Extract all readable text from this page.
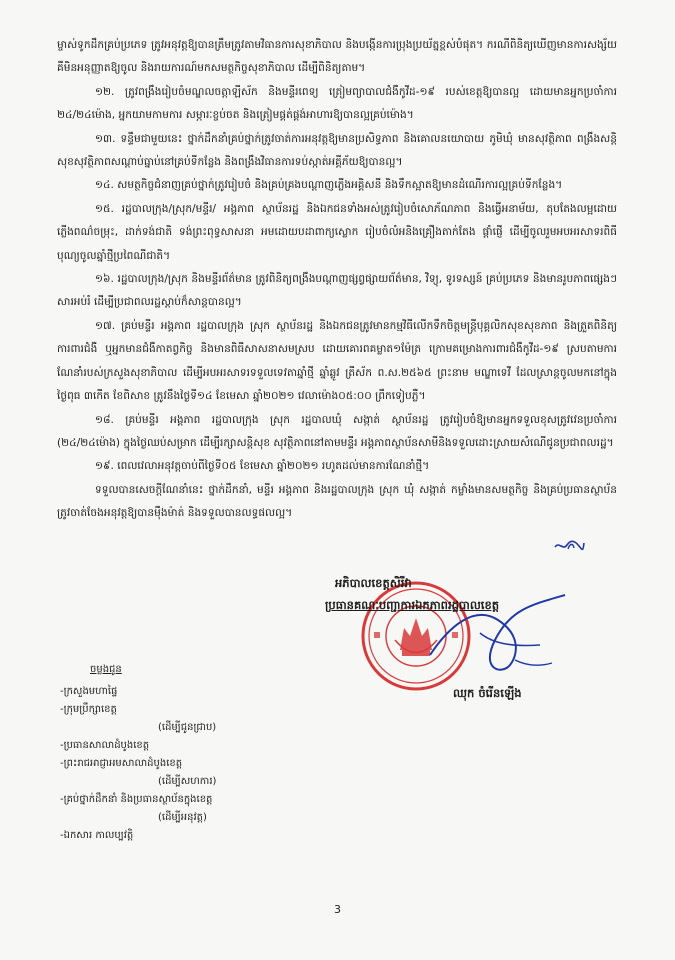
ម្ចាស់ទូកដឹកគ្រប់ប្រភេទ ត្រូវអនុវត្តឱ្យបានត្រឹមត្រូវតាមវិធានការសុខាភិបាល និងបង្កើនការប្រុងប្រយ័ត្នខ្ពស់បំផុត។ ករណីពិនិត្យឃើញមានការសង្ស័យ គឺមិនអនុញ្ញាតឱ្យចូល និងរាយការណ៍មកសមត្ថកិច្ចសុខាភិបាល ដើម្បីពិនិត្យតាម។

១២. ត្រូវពង្រឹងរៀបចំមណ្ឌលចត្តាឡីស័ក និងមន្ទីរពេទ្យ ត្រៀមព្យាបាលជំងឺកូវីដ-១៩ របស់ខេត្តឱ្យបានល្អ ដោយមានអ្នកប្រចាំការ ២៤/២៤ម៉ោង, អ្នកយាមកាមការ សម្ភារៈខ្ចប់ចត និងត្រៀមផ្គត់ផ្គង់អាហារឱ្យបានល្អគ្រប់ម៉ោង។

១៣. ទន្ទឹមជាមួយនេះ ថ្នាក់ដឹកនាំគ្រប់ថ្នាក់ត្រូវចាត់ការអនុវត្តឱ្យមានប្រសិទ្ធភាព និងគោលនយោបាយ ភូមិឃុំ មានសុវត្ថិភាព ពង្រឹងសន្តិសុខសុវត្ថិភាពសណ្តាប់ធ្នាប់នៅគ្រប់ទីកន្លែង និងពង្រឹងវិធានការទប់ស្កាត់អគ្គីភ័យឱ្យបានល្អ។

១៤. សមត្ថកិច្ចជំនាញគ្រប់ថ្នាក់ត្រូវរៀបចំ និងគ្រប់គ្រងបណ្តាញភ្លើងអគ្គិសនី និងទឹកស្អាតឱ្យមានដំណើរការល្អគ្រប់ទីកន្លែង។

១៥. រដ្ឋបាលក្រុង/ស្រុក/មន្ទីរ/ អង្គភាព ស្ថាប័នរដ្ឋ និងឯកជនទាំងអស់ត្រូវរៀបចំសោភ័ណភាព និងធ្វើអនាម័យ, តុបតែងលម្អដោយភ្លើងពណ៌ចម្រុះ, ដាក់ទង់ជាតិ ទង់ព្រះពុទ្ធសាសនា អមដោយបដាពាក្យស្លោក រៀបចំលំអនិងគ្រឿងតាក់តែង ផ្តាំផ្ញើ ដើម្បីចូលរួមអបអរសាទរពិធីបុណ្យចូលឆ្នាំថ្មីប្រពៃណីជាតិ។

១៦. រដ្ឋបាលក្រុង/ស្រុក និងមន្ទីរព័ត៌មាន ត្រូវពិនិត្យពង្រឹងបណ្តាញផ្សព្វផ្សាយព័ត៌មាន, វិទ្យុ, ទូរទស្សន៍ គ្រប់ប្រភេទ និងមានរូបភាពផ្សេងៗ សារអប់រំ ដើម្បីប្រជាពលរដ្ឋស្តាប់ក៏សាន្តបានល្អ។

១៧. គ្រប់មន្ទីរ អង្គភាព រដ្ឋបាលក្រុង ស្រុក ស្ថាប័នរដ្ឋ និងឯកជនត្រូវមានកម្មវិធីលើកទឹកចិត្តមន្ត្រីបុគ្គលិកសុខសុខភាព និងត្រួតពិនិត្យការពារជំងឺ ឬអ្នកមានជំងឺកាតព្វកិច្ច និងមានពិធីសាសនាសមស្រប ដោយគោរពគម្លាត១ម៉ែត្រ ក្រោមគម្រោងការពារជំងឺកូវីដ-១៩ ស្របតាមការណែនាំរបស់ក្រសួងសុខាភិបាល ដើម្បីអបអរសាទរទទួលទេវតាឆ្នាំថ្មី ឆ្នាំឆ្លូវ ត្រីស័ក ព.ស.២៥៦៥ ព្រះនាម មណ្ឌាទេវី ដែលស្រាន្តចូលមកនៅក្នុងថ្ងៃពុធ ៣កើត ខែពិសាខ ត្រូវនឹងថ្ងៃទី១៤ ខែមេសា ឆ្នាំ២០២១ វេលាម៉ោង០៥:០០ ព្រឹកទៀបភ្លឺ។

១៨. គ្រប់មន្ទីរ អង្គភាព រដ្ឋបាលក្រុង ស្រុក រដ្ឋបាលឃុំ សង្កាត់ ស្ថាប័នរដ្ឋ ត្រូវរៀបចំឱ្យមានអ្នកទទួលខុសត្រូវវេនប្រចាំការ (២៤/២៤ម៉ោង) ក្នុងថ្ងៃឈប់សម្រាក ដើម្បីរក្សាសន្តិសុខ សុវត្ថិភាពនៅតាមមន្ទីរ អង្គភាពស្ថាប័នសាមីនិងទទួលដោះស្រាយសំណើជូនប្រជាពលរដ្ឋ។

១៩. ពេលវេលាអនុវត្តចាប់ពីថ្ងៃទី០៥ ខែមេសា ឆ្នាំ២០២១ រហូតដល់មានការណែនាំថ្មី។

ទទួលបានសេចក្តីណែនាំនេះ ថ្នាក់ដឹកនាំ, មន្ទីរ អង្គភាព និងរដ្ឋបាលក្រុង ស្រុក ឃុំ សង្កាត់ កម្លាំងមានសមត្ថកិច្ច និងគ្រប់ប្រធានស្ថាប័ន ត្រូវចាត់ចែងអនុវត្តឱ្យបានម៉ឺងម៉ាត់ និងទទួលបានលទ្ធផលល្អ។

អភិបាលខេត្តសិរីវា
ប្រធានគណៈបញ្ជាការឯកភាពរដ្ឋបាលខេត្ត
ឈុក ចំរើនឡើង
ចម្លងជូន
-ក្រសួងមហាផ្ទៃ
-ក្រុមប្រឹក្សាខេត្ត
(ដើម្បីជូនជ្រាប)
-ប្រធានសាលាដំបូងខេត្ត
-ព្រះរាជអាជ្ញាអមសាលាដំបូងខេត្ត
(ដើម្បីសហការ)
-គ្រប់ថ្នាក់ដឹកនាំ និងប្រធានស្ថាប័នក្នុងខេត្ត
(ដើម្បីអនុវត្ត)
-ឯកសារ កាលប្បវត្តិ
3
